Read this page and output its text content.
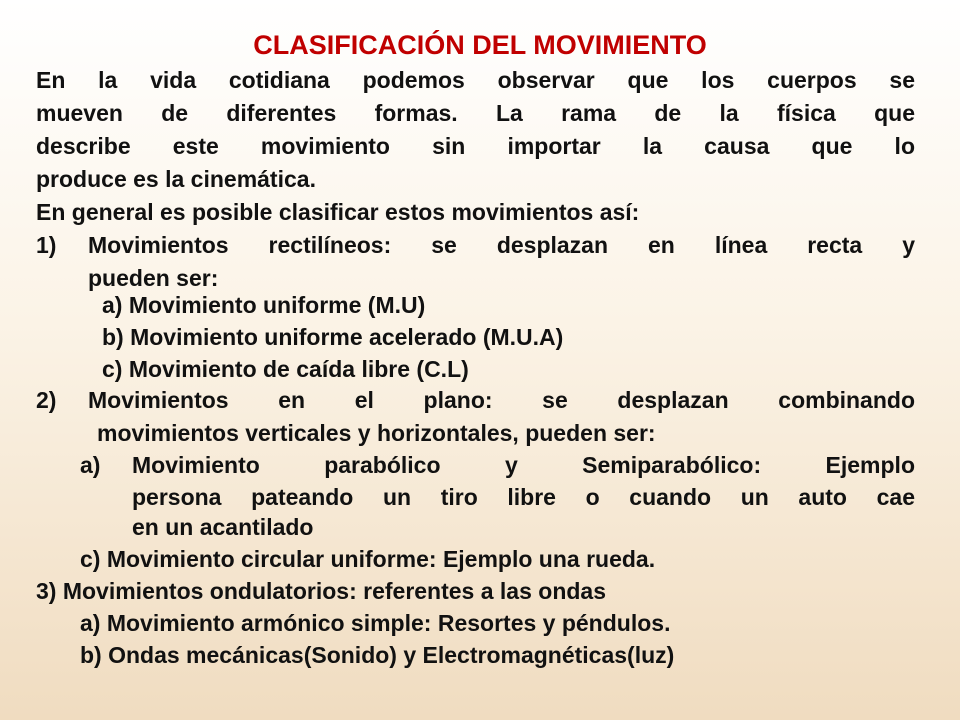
CLASIFICACIÓN DEL MOVIMIENTO
En la vida cotidiana podemos observar que los cuerpos se
mueven de diferentes formas. La rama de la física que
describe este movimiento sin importar la causa que lo
produce es la cinemática.
En general es posible clasificar estos movimientos así:
1) Movimientos rectilíneos: se desplazan en línea recta y
pueden ser:
a) Movimiento uniforme (M.U)
b) Movimiento uniforme acelerado (M.U.A)
c) Movimiento de caída libre (C.L)
2) Movimientos en el plano: se desplazan combinando
movimientos verticales y horizontales, pueden ser:
a) Movimiento parabólico y Semiparabólico: Ejemplo
persona pateando un tiro libre o cuando un auto cae
en un acantilado
c) Movimiento circular uniforme: Ejemplo una rueda.
3) Movimientos ondulatorios: referentes a las ondas
a) Movimiento armónico simple: Resortes y péndulos.
b) Ondas mecánicas(Sonido) y Electromagnéticas(luz)
